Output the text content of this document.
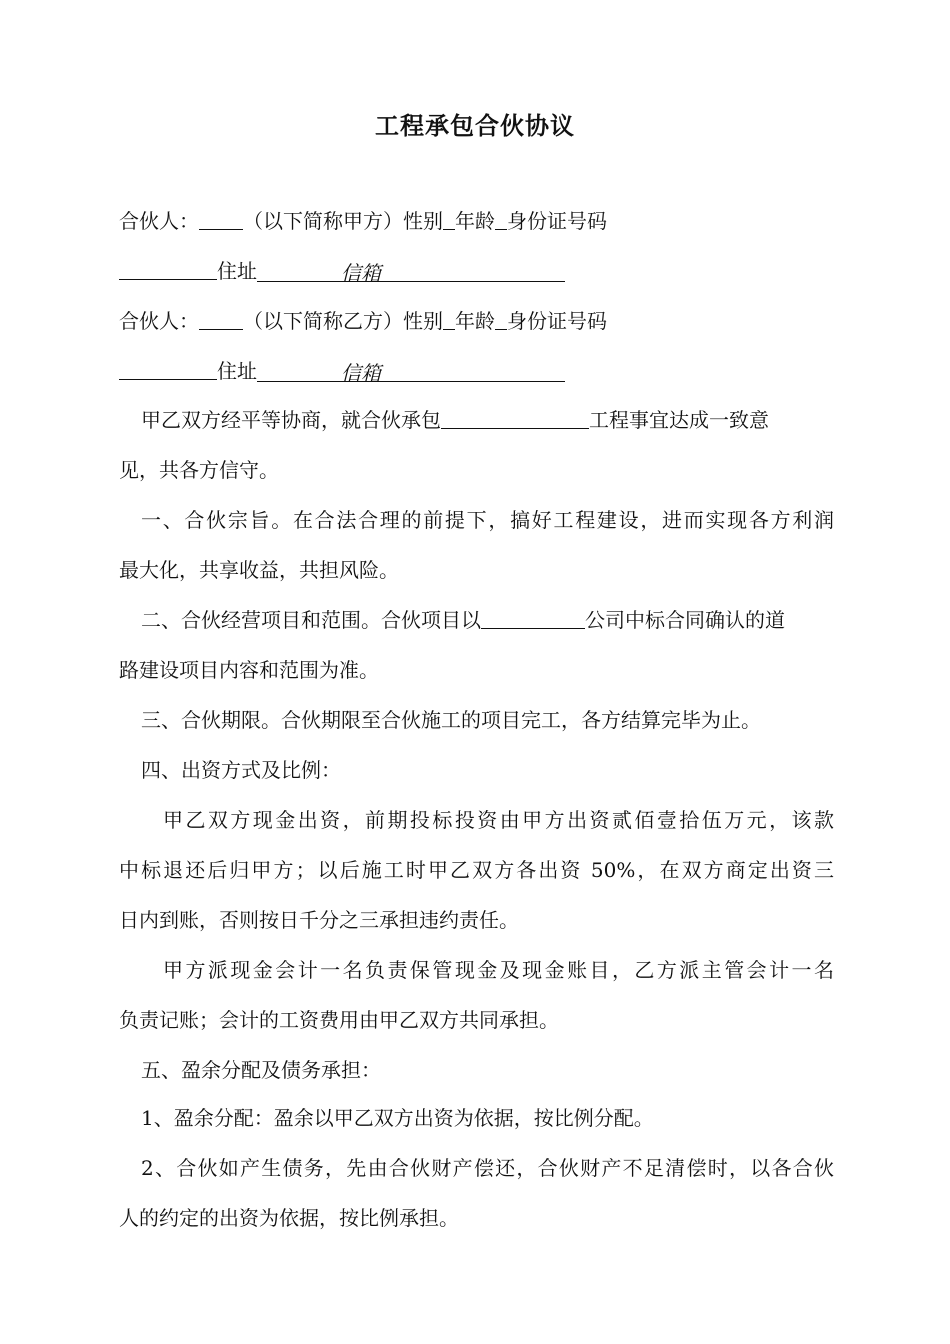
工程承包合伙协议
合伙人： （以下简称甲方）性别 年龄 身份证号码
住址	信箱
合伙人： （以下简称乙方）性别 年龄 身份证号码
住址	信箱
甲乙双方经平等协商，就合伙承包	工程事宜达成一致意
见，共各方信守。
一、合伙宗旨。在合法合理的前提下，搞好工程建设，进而实现各方利润
最大化，共享收益，共担风险。
二、合伙经营项目和范围。合伙项目以	公司中标合同确认的道
路建设项目内容和范围为准。
三、合伙期限。合伙期限至合伙施工的项目完工，各方结算完毕为止。
四、出资方式及比例：
甲乙双方现金出资，前期投标投资由甲方出资贰佰壹拾伍万元，该款
中标退还后归甲方；以后施工时甲乙双方各出资 50%，在双方商定出资三
日内到账，否则按日千分之三承担违约责任。
甲方派现金会计一名负责保管现金及现金账目，乙方派主管会计一名
负责记账；会计的工资费用由甲乙双方共同承担。
五、盈余分配及债务承担：
1、盈余分配：盈余以甲乙双方出资为依据，按比例分配。
2、合伙如产生债务，先由合伙财产偿还，合伙财产不足清偿时，以各合伙
人的约定的出资为依据，按比例承担。
